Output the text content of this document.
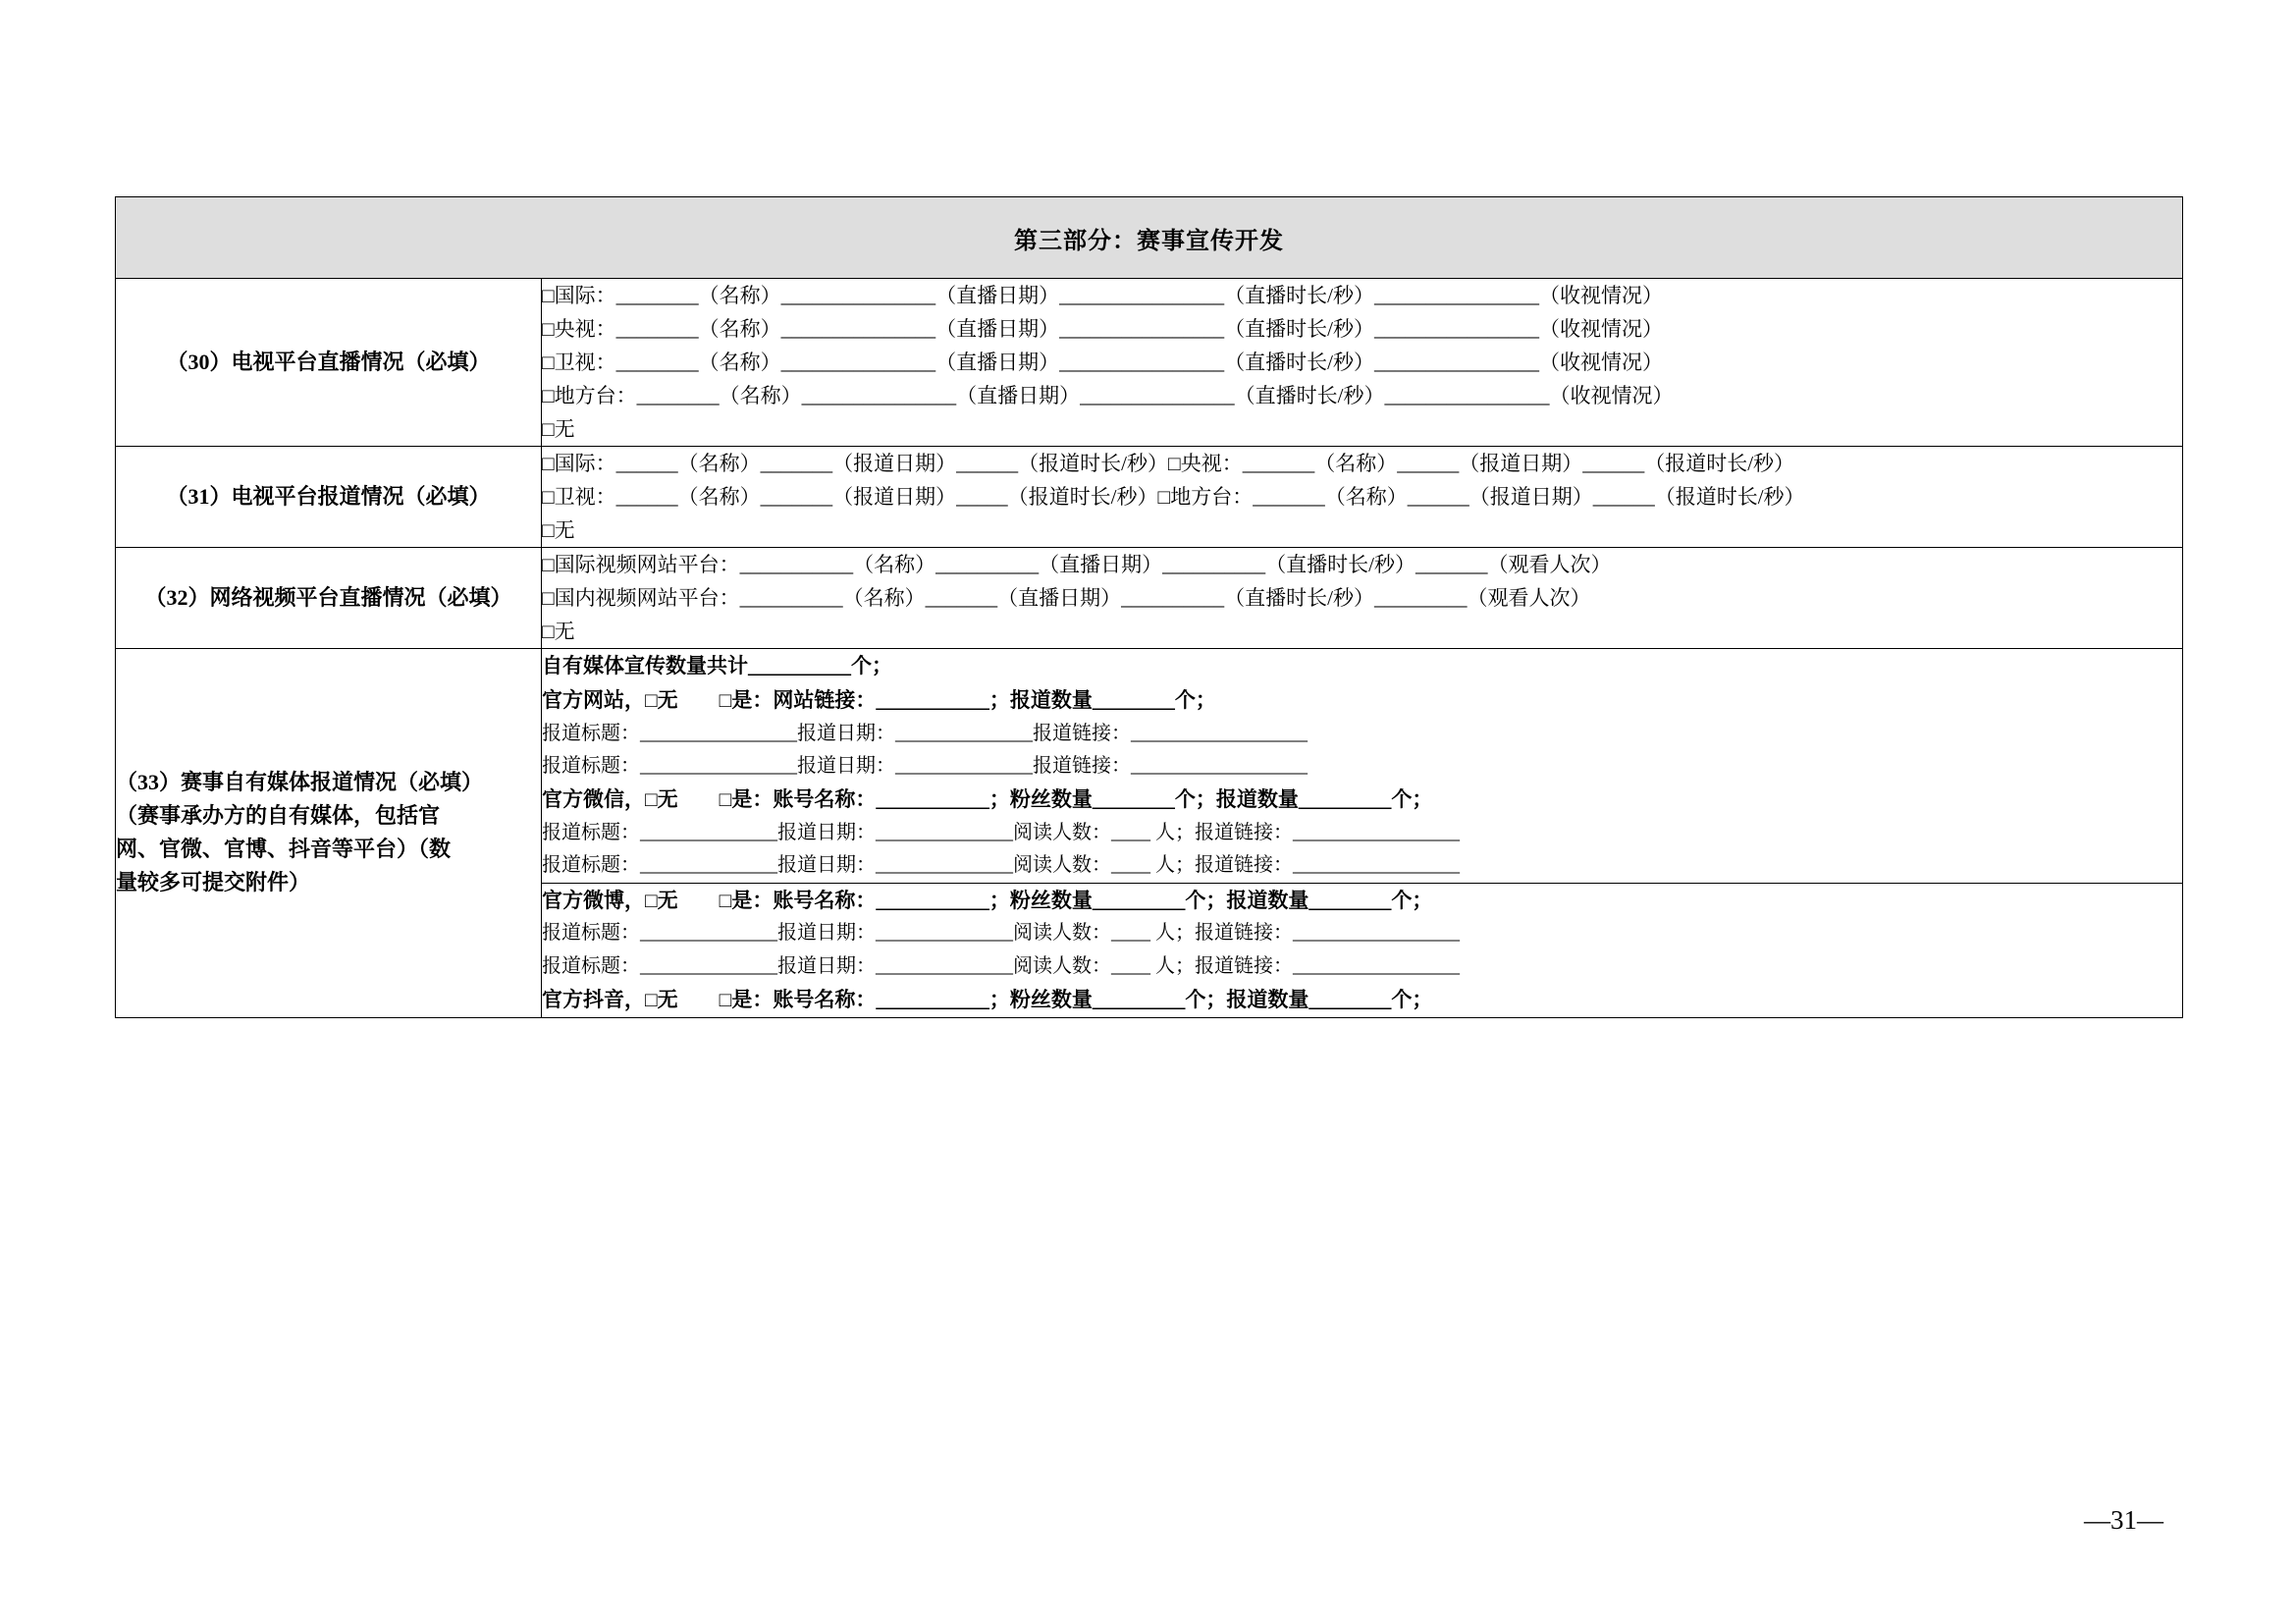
第三部分：赛事宣传开发
（30）电视平台直播情况（必填）	
□国际：________（名称）_______________（直播日期）________________（直播时长/秒）________________（收视情况）
□央视：________（名称）_______________（直播日期）________________（直播时长/秒）________________（收视情况）
□卫视：________（名称）_______________（直播日期）________________（直播时长/秒）________________（收视情况）
□地方台：________（名称）_______________（直播日期）_______________（直播时长/秒）________________（收视情况）
□无

（31）电视平台报道情况（必填）	
□国际：______（名称）_______（报道日期）______（报道时长/秒）□央视：_______（名称）______（报道日期）______（报道时长/秒）
□卫视：______（名称）_______（报道日期）_____（报道时长/秒）□地方台：_______（名称）______（报道日期）______（报道时长/秒）
□无

（32）网络视频平台直播情况（必填）	
□国际视频网站平台：___________（名称）__________（直播日期）__________（直播时长/秒）_______（观看人次）
□国内视频网站平台：__________（名称）_______（直播日期）__________（直播时长/秒）_________（观看人次）
□无

（33）赛事自有媒体报道情况（必填）
（赛事承办方的自有媒体，包括官
网、官微、官博、抖音等平台）（数
量较多可提交附件）

自有媒体宣传数量共计__________个；
官方网站，□无　　□是：网站链接：___________；报道数量________个；
报道标题：________________报道日期：______________报道链接：__________________
报道标题：________________报道日期：______________报道链接：__________________
官方微信，□无　　□是：账号名称：___________；粉丝数量________个；报道数量_________个；
报道标题：______________报道日期：______________阅读人数：____ 人；报道链接：_________________
报道标题：______________报道日期：______________阅读人数：____ 人；报道链接：_________________

官方微博，□无　　□是：账号名称：___________；粉丝数量_________个；报道数量________个；
报道标题：______________报道日期：______________阅读人数：____ 人；报道链接：_________________
报道标题：______________报道日期：______________阅读人数：____ 人；报道链接：_________________
官方抖音，□无　　□是：账号名称：___________；粉丝数量_________个；报道数量________个；
—31—
